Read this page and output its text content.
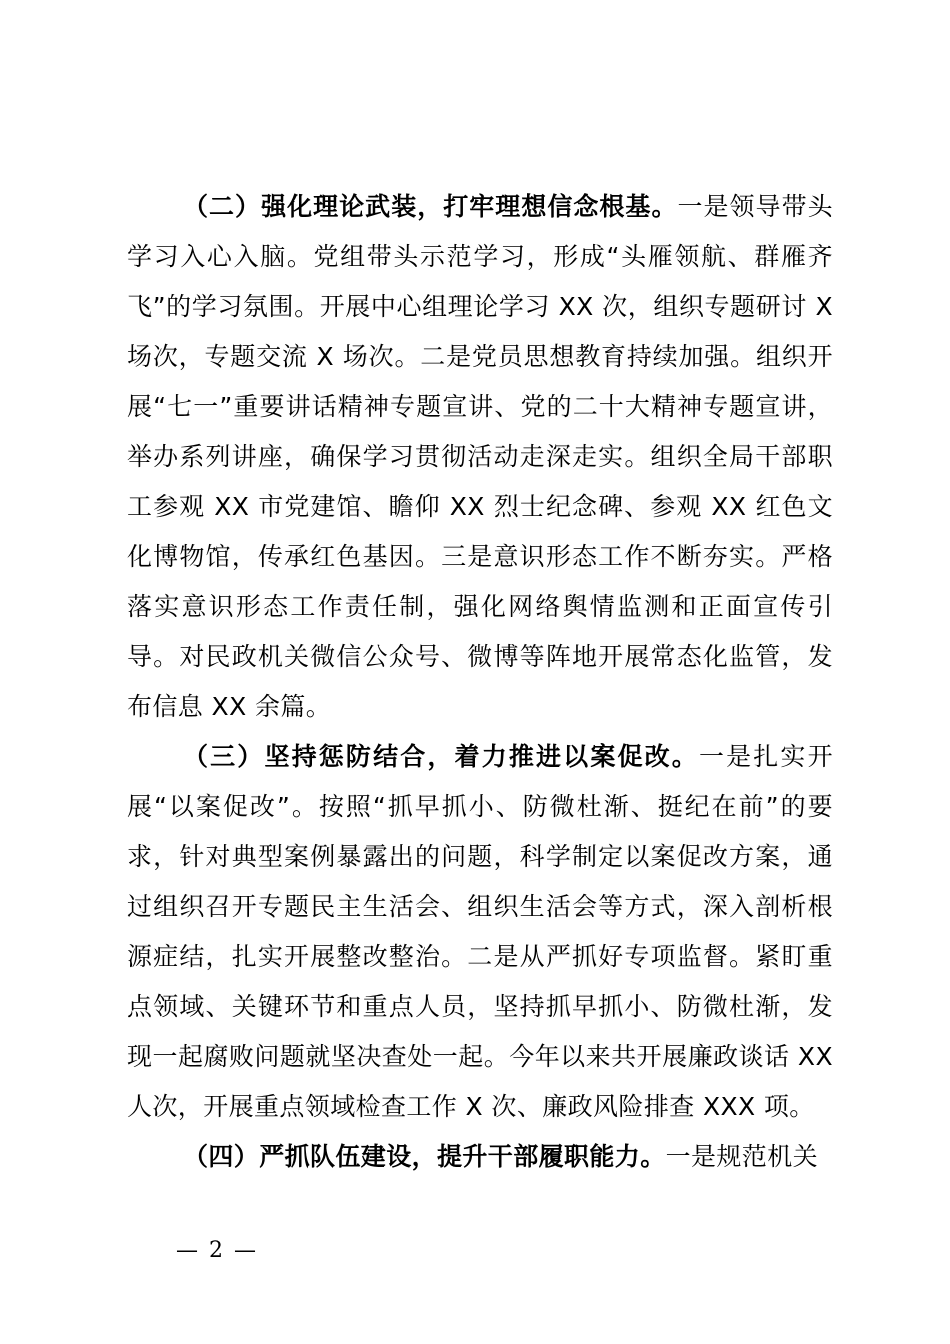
（二）强化理论武装，打牢理想信念根基。一是领导带头学习入心入脑。党组带头示范学习，形成“头雁领航、群雁齐飞”的学习氛围。开展中心组理论学习 XX 次，组织专题研讨 X 场次，专题交流 X 场次。二是党员思想教育持续加强。组织开展“七一”重要讲话精神专题宣讲、党的二十大精神专题宣讲，举办系列讲座，确保学习贯彻活动走深走实。组织全局干部职工参观 XX 市党建馆、瞻仰 XX 烈士纪念碑、参观 XX 红色文化博物馆，传承红色基因。三是意识形态工作不断夯实。严格落实意识形态工作责任制，强化网络舆情监测和正面宣传引导。对民政机关微信公众号、微博等阵地开展常态化监管，发布信息 XX 余篇。

（三）坚持惩防结合，着力推进以案促改。一是扎实开展“以案促改”。按照“抓早抓小、防微杜渐、挺纪在前”的要求，针对典型案例暴露出的问题，科学制定以案促改方案，通过组织召开专题民主生活会、组织生活会等方式，深入剖析根源症结，扎实开展整改整治。二是从严抓好专项监督。紧盯重点领域、关键环节和重点人员，坚持抓早抓小、防微杜渐，发现一起腐败问题就坚决查处一起。今年以来共开展廉政谈话 XX 人次，开展重点领域检查工作 X 次、廉政风险排查 XXX 项。

（四）严抓队伍建设，提升干部履职能力。一是规范机关

— 2 —
